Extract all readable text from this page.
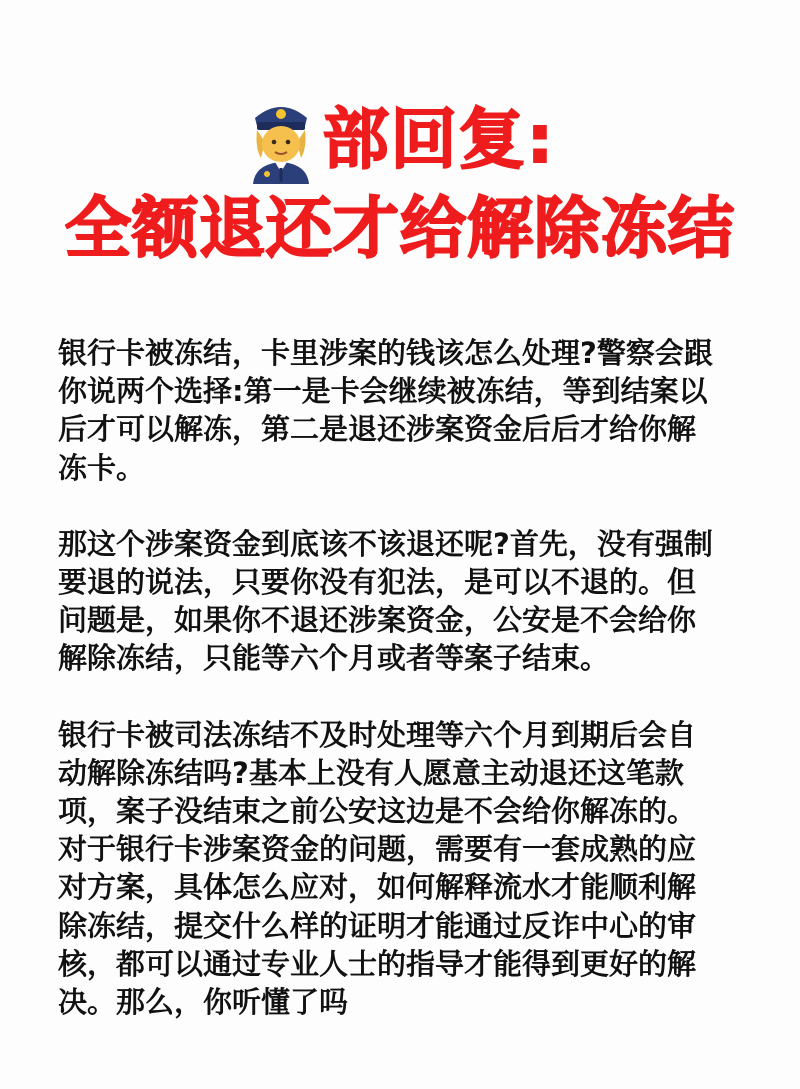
部回复:
全额退还才给解除冻结

银行卡被冻结，卡里涉案的钱该怎么处理?警察会跟
你说两个选择:第一是卡会继续被冻结，等到结案以
后才可以解冻，第二是退还涉案资金后后才给你解
冻卡。

那这个涉案资金到底该不该退还呢?首先，没有强制
要退的说法，只要你没有犯法，是可以不退的。但
问题是，如果你不退还涉案资金，公安是不会给你
解除冻结，只能等六个月或者等案子结束。

银行卡被司法冻结不及时处理等六个月到期后会自
动解除冻结吗?基本上没有人愿意主动退还这笔款
项，案子没结束之前公安这边是不会给你解冻的。
对于银行卡涉案资金的问题，需要有一套成熟的应
对方案，具体怎么应对，如何解释流水才能顺利解
除冻结，提交什么样的证明才能通过反诈中心的审
核，都可以通过专业人士的指导才能得到更好的解
决。那么，你听懂了吗
